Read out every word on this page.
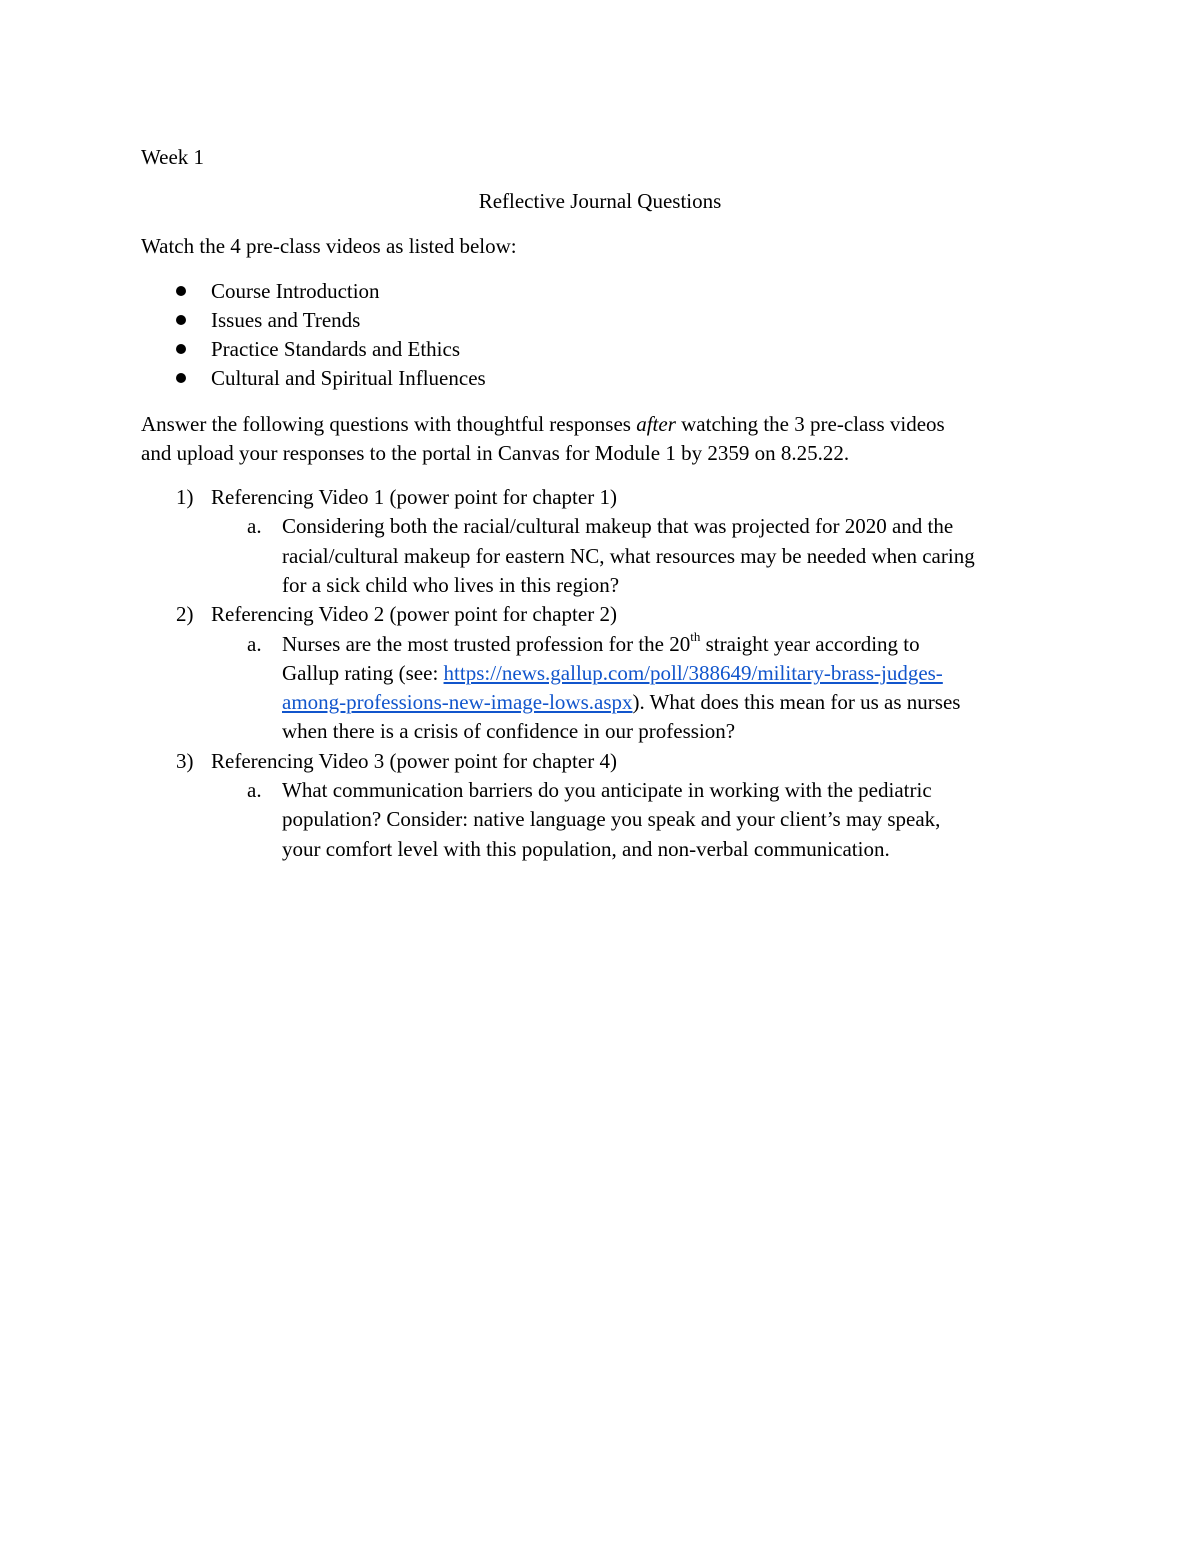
Week 1
Reflective Journal Questions
Watch the 4 pre-class videos as listed below:
Course Introduction
Issues and Trends
Practice Standards and Ethics
Cultural and Spiritual Influences
Answer the following questions with thoughtful responses after watching the 3 pre-class videos
and upload your responses to the portal in Canvas for Module 1 by 2359 on 8.25.22.
1) Referencing Video 1 (power point for chapter 1)
a. Considering both the racial/cultural makeup that was projected for 2020 and the
racial/cultural makeup for eastern NC, what resources may be needed when caring
for a sick child who lives in this region?
2) Referencing Video 2 (power point for chapter 2)
a. Nurses are the most trusted profession for the 20th straight year according to
Gallup rating (see: https://news.gallup.com/poll/388649/military-brass-judges-
among-professions-new-image-lows.aspx). What does this mean for us as nurses
when there is a crisis of confidence in our profession?
3) Referencing Video 3 (power point for chapter 4)
a. What communication barriers do you anticipate in working with the pediatric
population? Consider: native language you speak and your client’s may speak,
your comfort level with this population, and non-verbal communication.
